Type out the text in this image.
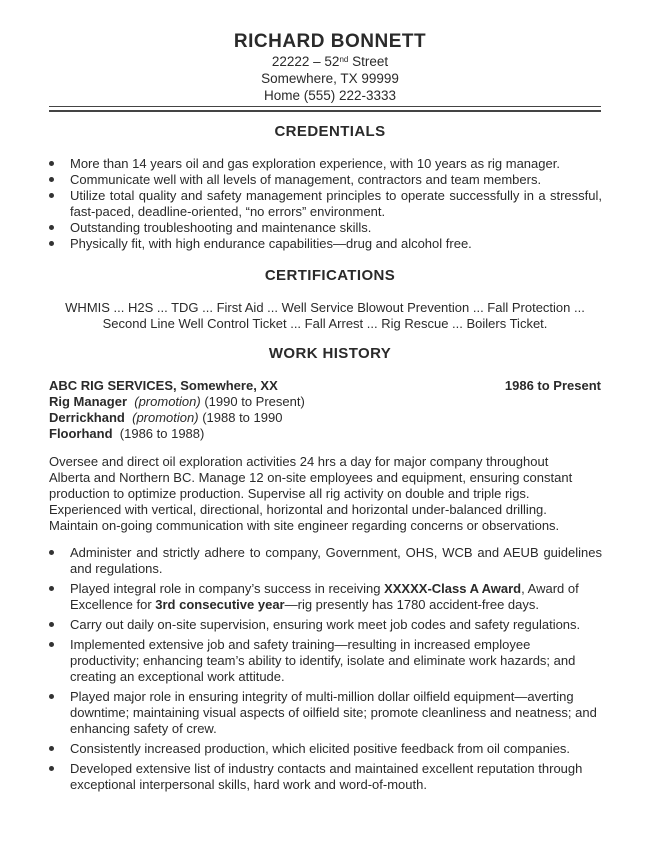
RICHARD BONNETT
22222 – 52nd Street
Somewhere, TX 99999
Home (555) 222-3333
CREDENTIALS
More than 14 years oil and gas exploration experience, with 10 years as rig manager.
Communicate well with all levels of management, contractors and team members.
Utilize total quality and safety management principles to operate successfully in a stressful, fast-paced, deadline-oriented, “no errors” environment.
Outstanding troubleshooting and maintenance skills.
Physically fit, with high endurance capabilities—drug and alcohol free.
CERTIFICATIONS
WHMIS ... H2S ... TDG ... First Aid ... Well Service Blowout Prevention ... Fall Protection ...
Second Line Well Control Ticket ... Fall Arrest ... Rig Rescue ... Boilers Ticket.
WORK HISTORY
ABC RIG SERVICES, Somewhere, XX	1986 to Present
Rig Manager (promotion) (1990 to Present)
Derrickhand (promotion) (1988 to 1990
Floorhand (1986 to 1988)
Oversee and direct oil exploration activities 24 hrs a day for major company throughout Alberta and Northern BC. Manage 12 on-site employees and equipment, ensuring constant production to optimize production. Supervise all rig activity on double and triple rigs. Experienced with vertical, directional, horizontal and horizontal under-balanced drilling. Maintain on-going communication with site engineer regarding concerns or observations.
Administer and strictly adhere to company, Government, OHS, WCB and AEUB guidelines and regulations.
Played integral role in company’s success in receiving XXXXX-Class A Award, Award of Excellence for 3rd consecutive year—rig presently has 1780 accident-free days.
Carry out daily on-site supervision, ensuring work meet job codes and safety regulations.
Implemented extensive job and safety training—resulting in increased employee productivity; enhancing team’s ability to identify, isolate and eliminate work hazards; and creating an exceptional work attitude.
Played major role in ensuring integrity of multi-million dollar oilfield equipment—averting downtime; maintaining visual aspects of oilfield site; promote cleanliness and neatness; and enhancing safety of crew.
Consistently increased production, which elicited positive feedback from oil companies.
Developed extensive list of industry contacts and maintained excellent reputation through exceptional interpersonal skills, hard work and word-of-mouth.
